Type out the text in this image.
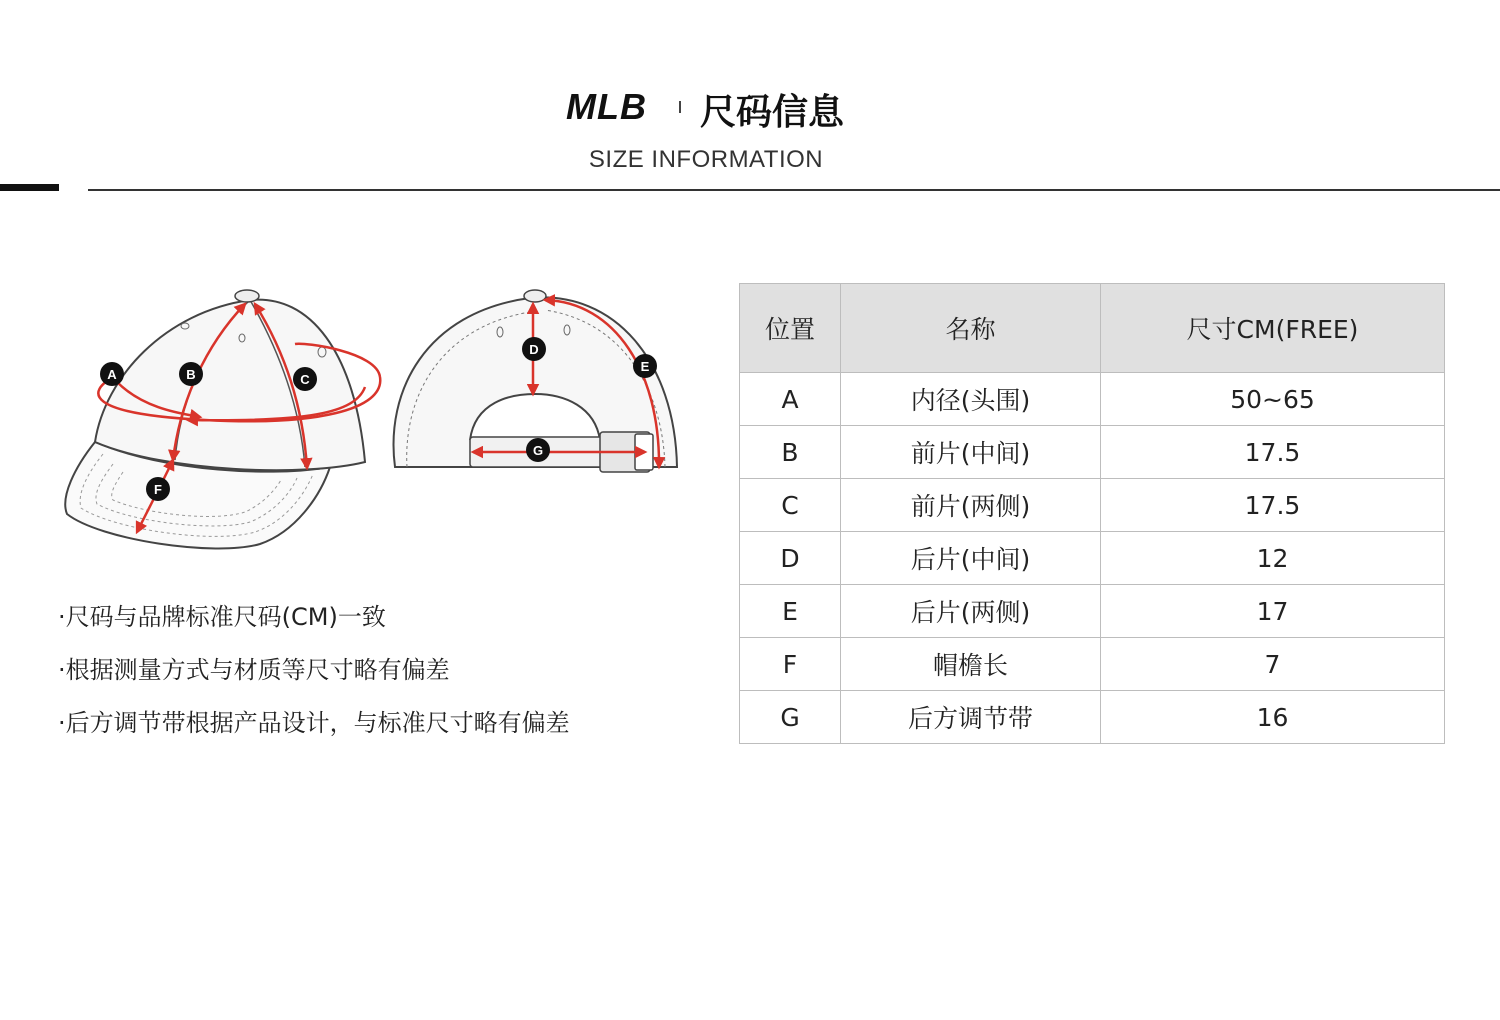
MLB 尺码信息
SIZE INFORMATION
A	B	C
D
E
F
G
·尺码与品牌标准尺码(CM)一致
·根据测量方式与材质等尺寸略有偏差
·后方调节带根据产品设计，与标准尺寸略有偏差
位置	名称	尺寸CM(FREE)
A	内径(头围)	50~65
B	前片(中间)	17.5
C	前片(两侧)	17.5
D	后片(中间)	12
E	后片(两侧)	17
F	帽檐长	7
G	后方调节带	16
